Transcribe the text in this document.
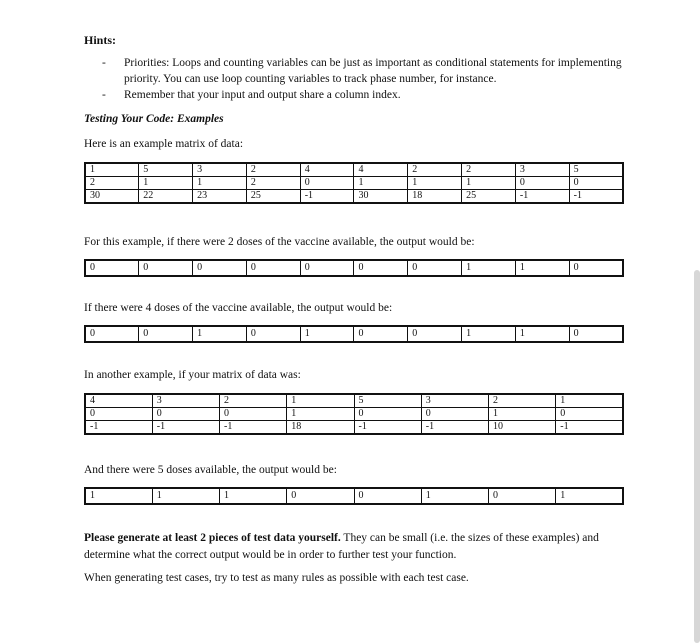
Hints:
- Priorities: Loops and counting variables can be just as important as conditional statements for implementing priority. You can use loop counting variables to track phase number, for instance.
- Remember that your input and output share a column index.
Testing Your Code: Examples
Here is an example matrix of data:
1	5	3	2	4	4	2	2	3	5
2	1	1	2	0	1	1	1	0	0
30	22	23	25	-1	30	18	25	-1	-1
For this example, if there were 2 doses of the vaccine available, the output would be:
0	0	0	0	0	0	0	1	1	0
If there were 4 doses of the vaccine available, the output would be:
0	0	1	0	1	0	0	1	1	0
In another example, if your matrix of data was:
4	3	2	1	5	3	2	1
0	0	0	1	0	0	1	0
-1	-1	-1	18	-1	-1	10	-1
And there were 5 doses available, the output would be:
1	1	1	0	0	1	0	1
Please generate at least 2 pieces of test data yourself. They can be small (i.e. the sizes of these examples) and determine what the correct output would be in order to further test your function.
When generating test cases, try to test as many rules as possible with each test case.
